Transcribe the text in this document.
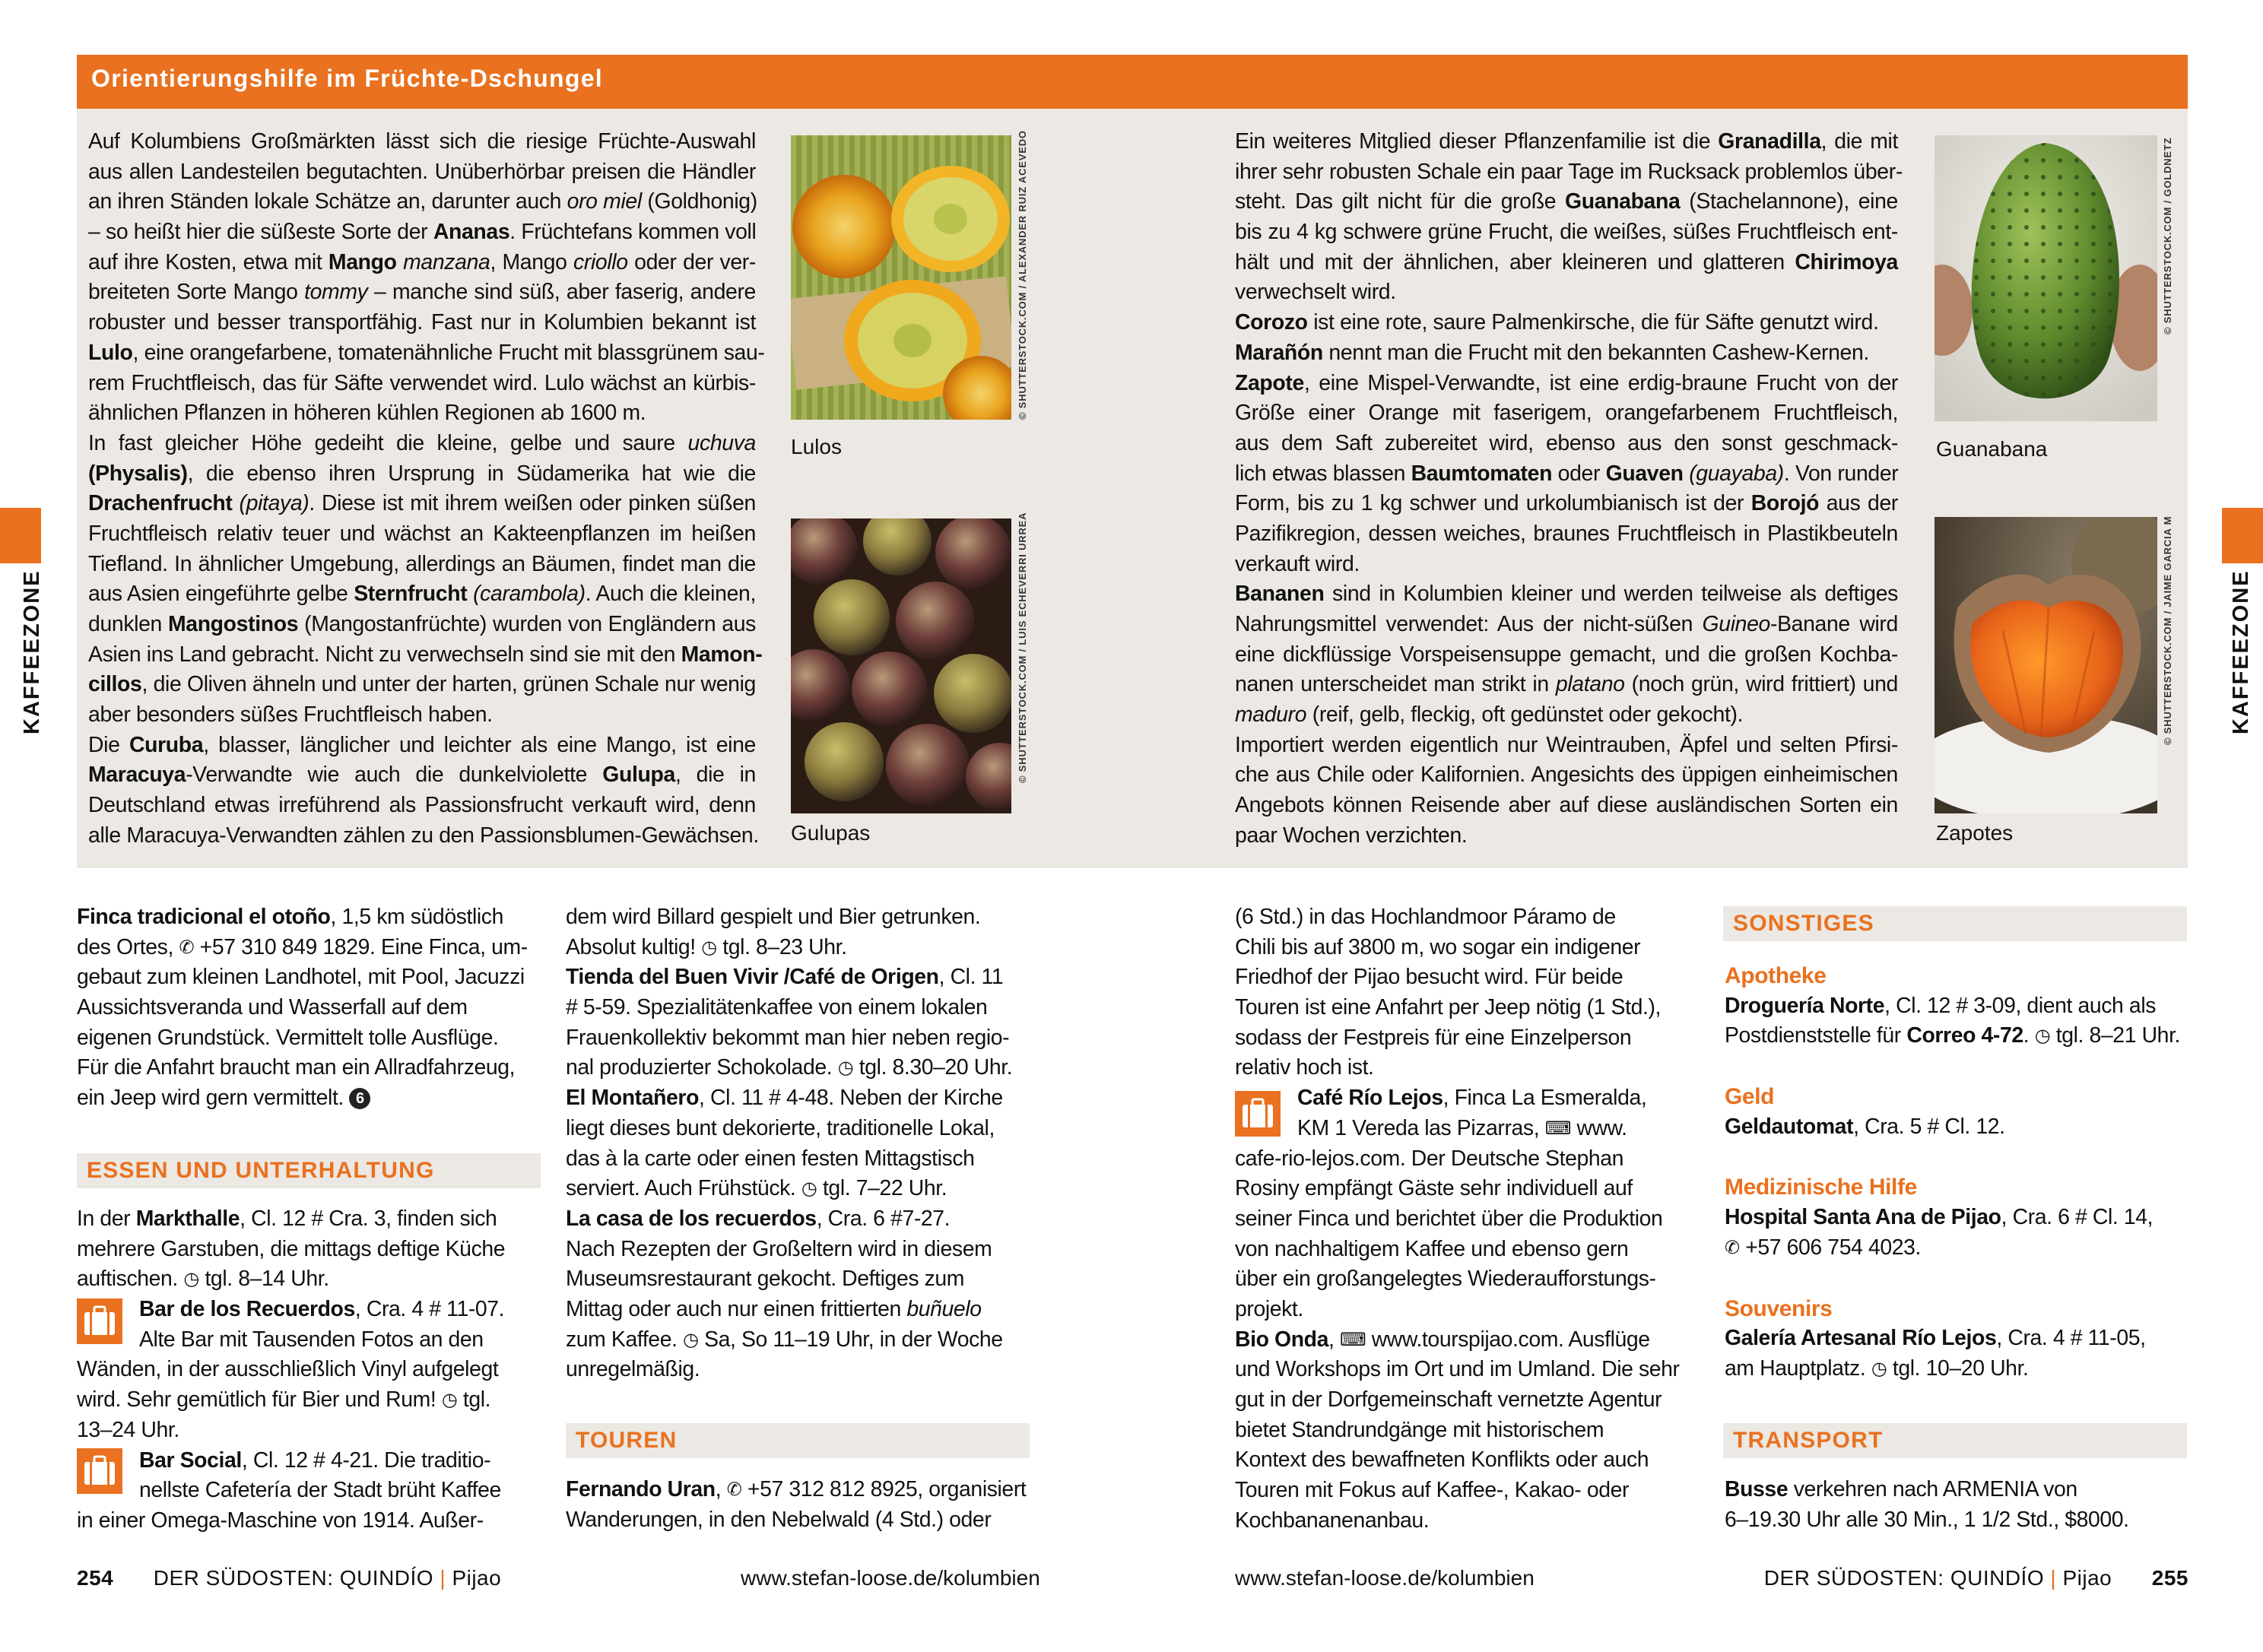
Orientierungshilfe im Früchte-Dschungel
Auf Kolumbiens Großmärkten lässt sich die riesige Früchte-Auswahl
aus allen Landesteilen begutachten. Unüberhörbar preisen die Händler
an ihren Ständen lokale Schätze an, darunter auch oro miel (Goldhonig)
– so heißt hier die süßeste Sorte der Ananas. Früchtefans kommen voll
auf ihre Kosten, etwa mit Mango manzana, Mango criollo oder der ver-
breiteten Sorte Mango tommy – manche sind süß, aber faserig, andere
robuster und besser transportfähig. Fast nur in Kolumbien bekannt ist
Lulo, eine orangefarbene, tomatenähnliche Frucht mit blassgrünem sau-
rem Fruchtfleisch, das für Säfte verwendet wird. Lulo wächst an kürbis-
ähnlichen Pflanzen in höheren kühlen Regionen ab 1600 m.
In fast gleicher Höhe gedeiht die kleine, gelbe und saure uchuva
(Physalis), die ebenso ihren Ursprung in Südamerika hat wie die
Drachenfrucht (pitaya). Diese ist mit ihrem weißen oder pinken süßen
Fruchtfleisch relativ teuer und wächst an Kakteenpflanzen im heißen
Tiefland. In ähnlicher Umgebung, allerdings an Bäumen, findet man die
aus Asien eingeführte gelbe Sternfrucht (carambola). Auch die kleinen,
dunklen Mangostinos (Mangostanfrüchte) wurden von Engländern aus
Asien ins Land gebracht. Nicht zu verwechseln sind sie mit den Mamon-
cillos, die Oliven ähneln und unter der harten, grünen Schale nur wenig
aber besonders süßes Fruchtfleisch haben.
Die Curuba, blasser, länglicher und leichter als eine Mango, ist eine
Maracuya-Verwandte wie auch die dunkelviolette Gulupa, die in
Deutschland etwas irreführend als Passionsfrucht verkauft wird, denn
alle Maracuya-Verwandten zählen zu den Passionsblumen-Gewächsen.
Ein weiteres Mitglied dieser Pflanzenfamilie ist die Granadilla, die mit
ihrer sehr robusten Schale ein paar Tage im Rucksack problemlos über-
steht. Das gilt nicht für die große Guanabana (Stachelannone), eine
bis zu 4 kg schwere grüne Frucht, die weißes, süßes Fruchtfleisch ent-
hält und mit der ähnlichen, aber kleineren und glatteren Chirimoya
verwechselt wird.
Corozo ist eine rote, saure Palmenkirsche, die für Säfte genutzt wird.
Marañón nennt man die Frucht mit den bekannten Cashew-Kernen.
Zapote, eine Mispel-Verwandte, ist eine erdig-braune Frucht von der
Größe einer Orange mit faserigem, orangefarbenem Fruchtfleisch,
aus dem Saft zubereitet wird, ebenso aus den sonst geschmack-
lich etwas blassen Baumtomaten oder Guaven (guayaba). Von runder
Form, bis zu 1 kg schwer und urkolumbianisch ist der Borojó aus der
Pazifikregion, dessen weiches, braunes Fruchtfleisch in Plastikbeuteln
verkauft wird.
Bananen sind in Kolumbien kleiner und werden teilweise als deftiges
Nahrungsmittel verwendet: Aus der nicht-süßen Guineo-Banane wird
eine dickflüssige Vorspeisensuppe gemacht, und die großen Kochba-
nanen unterscheidet man strikt in platano (noch grün, wird frittiert) und
maduro (reif, gelb, fleckig, oft gedünstet oder gekocht).
Importiert werden eigentlich nur Weintrauben, Äpfel und selten Pfirsi-
che aus Chile oder Kalifornien. Angesichts des üppigen einheimischen
Angebots können Reisende aber auf diese ausländischen Sorten ein
paar Wochen verzichten.
© SHUTTERSTOCK.COM / ALEXANDER RUIZ ACEVEDO
Lulos
© SHUTTERSTOCK.COM / LUIS ECHEVERRI URREA
Gulupas
© SHUTTERSTOCK.COM / GOLDNETZ
Guanabana
© SHUTTERSTOCK.COM / JAIME GARCIA M
Zapotes
KAFFEEZONE	KAFFEEZONE
Finca tradicional el otoño, 1,5 km südöstlich
des Ortes, ✆ +57 310 849 1829. Eine Finca, um-
gebaut zum kleinen Landhotel, mit Pool, Jacuzzi
Aussichtsveranda und Wasserfall auf dem
eigenen Grundstück. Vermittelt tolle Ausflüge.
Für die Anfahrt braucht man ein Allradfahrzeug,
ein Jeep wird gern vermittelt. 6
ESSEN UND UNTERHALTUNG
In der Markthalle, Cl. 12 # Cra. 3, finden sich
mehrere Garstuben, die mittags deftige Küche
auftischen. ◷ tgl. 8–14 Uhr.
Bar de los Recuerdos, Cra. 4 # 11-07.
Alte Bar mit Tausenden Fotos an den
Wänden, in der ausschließlich Vinyl aufgelegt
wird. Sehr gemütlich für Bier und Rum! ◷ tgl.
13–24 Uhr.
Bar Social, Cl. 12 # 4-21. Die traditio-
nellste Cafetería der Stadt brüht Kaffee
in einer Omega-Maschine von 1914. Außer-
dem wird Billard gespielt und Bier getrunken.
Absolut kultig! ◷ tgl. 8–23 Uhr.
Tienda del Buen Vivir /Café de Origen, Cl. 11
# 5-59. Spezialitätenkaffee von einem lokalen
Frauenkollektiv bekommt man hier neben regio-
nal produzierter Schokolade. ◷ tgl. 8.30–20 Uhr.
El Montañero, Cl. 11 # 4-48. Neben der Kirche
liegt dieses bunt dekorierte, traditionelle Lokal,
das à la carte oder einen festen Mittagstisch
serviert. Auch Frühstück. ◷ tgl. 7–22 Uhr.
La casa de los recuerdos, Cra. 6 #7-27.
Nach Rezepten der Großeltern wird in diesem
Museumsrestaurant gekocht. Deftiges zum
Mittag oder auch nur einen frittierten buñuelo
zum Kaffee. ◷ Sa, So 11–19 Uhr, in der Woche
unregelmäßig.
TOUREN
Fernando Uran, ✆ +57 312 812 8925, organisiert
Wanderungen, in den Nebelwald (4 Std.) oder
(6 Std.) in das Hochlandmoor Páramo de
Chili bis auf 3800 m, wo sogar ein indigener
Friedhof der Pijao besucht wird. Für beide
Touren ist eine Anfahrt per Jeep nötig (1 Std.),
sodass der Festpreis für eine Einzelperson
relativ hoch ist.
Café Río Lejos, Finca La Esmeralda,
KM 1 Vereda las Pizarras, ⌨ www.
cafe-rio-lejos.com. Der Deutsche Stephan
Rosiny empfängt Gäste sehr individuell auf
seiner Finca und berichtet über die Produktion
von nachhaltigem Kaffee und ebenso gern
über ein großangelegtes Wiederaufforstungs-
projekt.
Bio Onda, ⌨ www.tourspijao.com. Ausflüge
und Workshops im Ort und im Umland. Die sehr
gut in der Dorfgemeinschaft vernetzte Agentur
bietet Standrundgänge mit historischem
Kontext des bewaffneten Konflikts oder auch
Touren mit Fokus auf Kaffee-, Kakao- oder
Kochbananenanbau.
SONSTIGES
Apotheke
Droguería Norte, Cl. 12 # 3-09, dient auch als
Postdienststelle für Correo 4-72. ◷ tgl. 8–21 Uhr.
Geld
Geldautomat, Cra. 5 # Cl. 12.
Medizinische Hilfe
Hospital Santa Ana de Pijao, Cra. 6 # Cl. 14,
✆ +57 606 754 4023.
Souvenirs
Galería Artesanal Río Lejos, Cra. 4 # 11-05,
am Hauptplatz. ◷ tgl. 10–20 Uhr.
TRANSPORT
Busse verkehren nach ARMENIA von
6–19.30 Uhr alle 30 Min., 1 1/2 Std., $8000.
254 DER SÜDOSTEN: QUINDÍO | Pijao	www.stefan-loose.de/kolumbien	www.stefan-loose.de/kolumbien	DER SÜDOSTEN: QUINDÍO | Pijao 255
